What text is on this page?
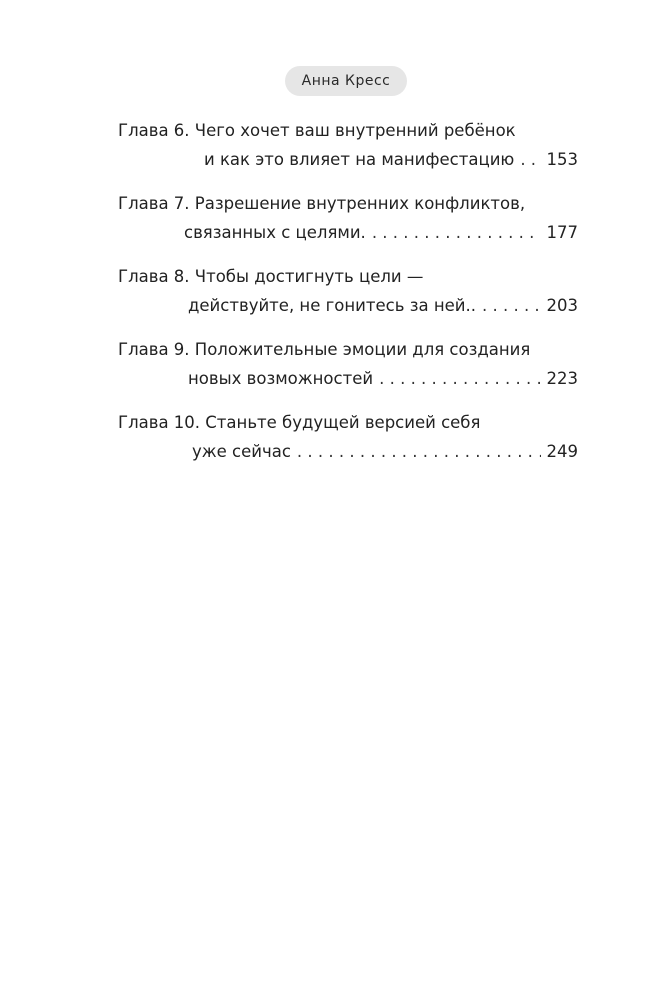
Анна Кресс
Глава 6. Чего хочет ваш внутренний ребёнок
и как это влияет на манифестацию . . . 153
Глава 7. Разрешение внутренних конфликтов,
связанных с целями. . . .	177
Глава 8. Чтобы достигнуть цели —
действуйте, не гонитесь за ней.. . . .	203
Глава 9. Положительные эмоции для создания
новых возможностей . . .	223
Глава 10. Станьте будущей версией себя
уже сейчас . . .	249
